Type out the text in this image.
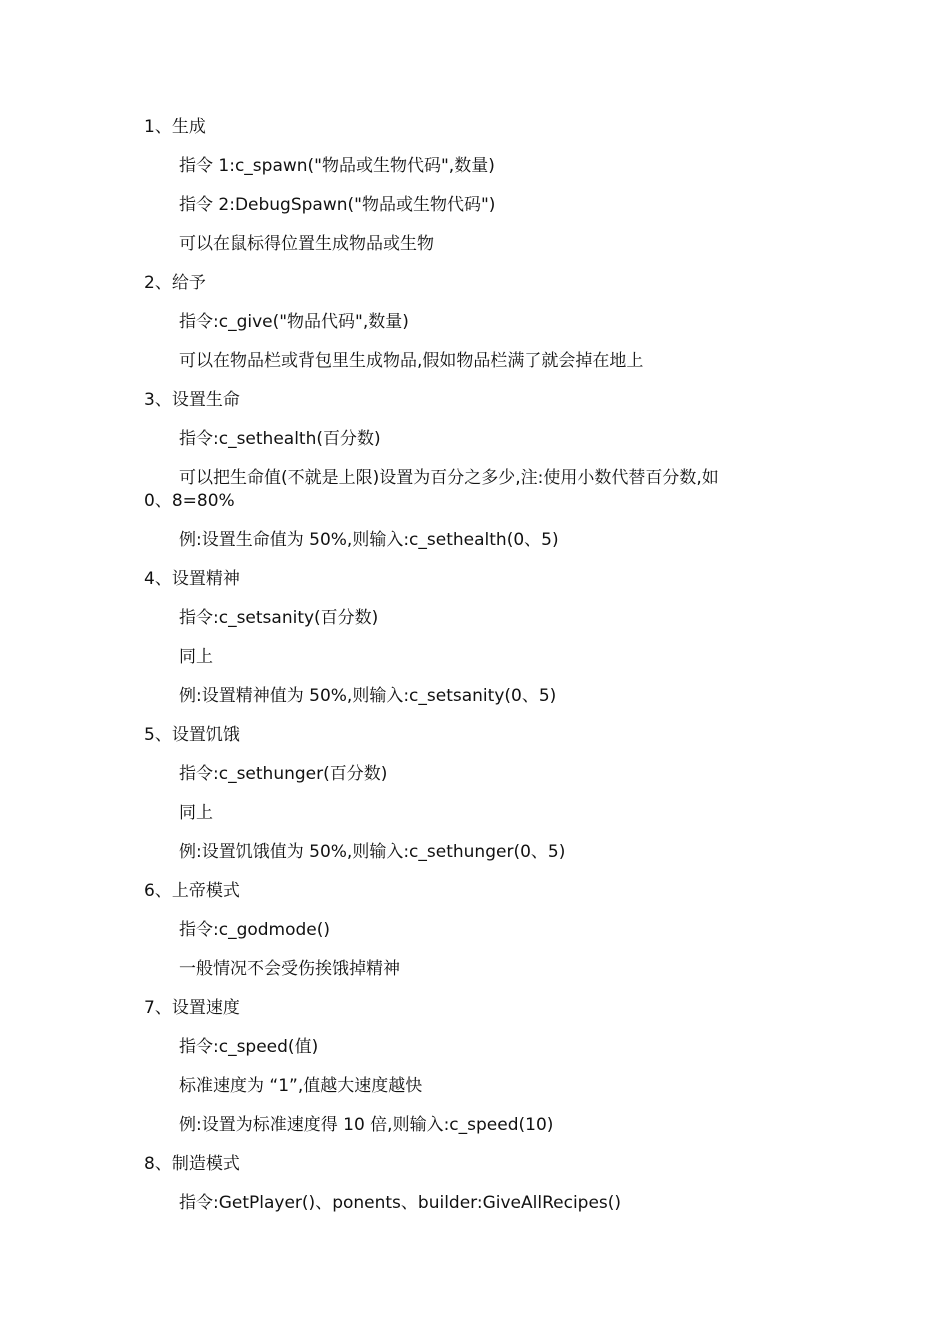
1、生成
指令 1:c_spawn("物品或生物代码",数量)
指令 2:DebugSpawn("物品或生物代码")
可以在鼠标得位置生成物品或生物
2、给予
指令:c_give("物品代码",数量)
可以在物品栏或背包里生成物品,假如物品栏满了就会掉在地上
3、设置生命
指令:c_sethealth(百分数)
可以把生命值(不就是上限)设置为百分之多少,注:使用小数代替百分数,如
0、8=80%
例:设置生命值为 50%,则输入:c_sethealth(0、5)
4、设置精神
指令:c_setsanity(百分数)
同上
例:设置精神值为 50%,则输入:c_setsanity(0、5)
5、设置饥饿
指令:c_sethunger(百分数)
同上
例:设置饥饿值为 50%,则输入:c_sethunger(0、5)
6、上帝模式
指令:c_godmode()
一般情况不会受伤挨饿掉精神
7、设置速度
指令:c_speed(值)
标准速度为 “1”,值越大速度越快
例:设置为标准速度得 10 倍,则输入:c_speed(10)
8、制造模式
指令:GetPlayer()、ponents、builder:GiveAllRecipes()
